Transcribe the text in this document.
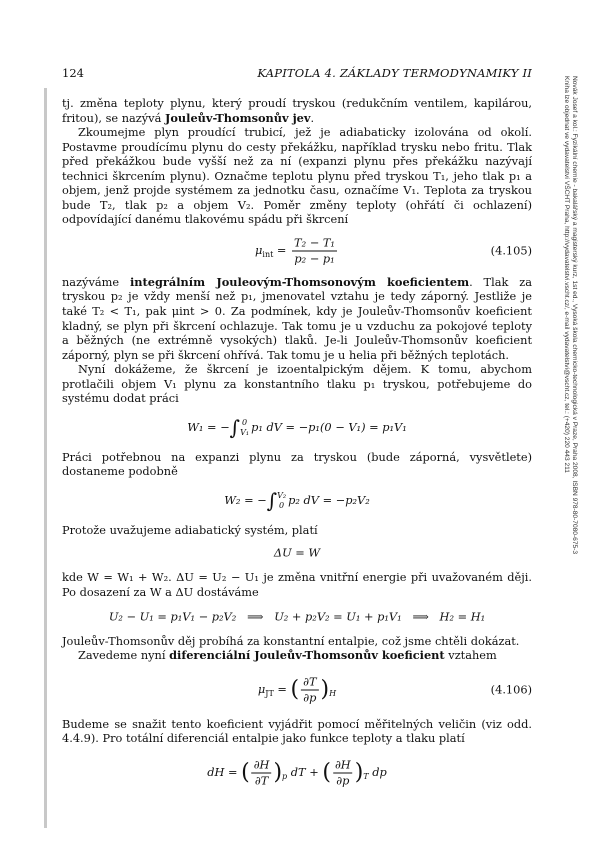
124	KAPITOLA 4. ZÁKLADY TERMODYNAMIKY II
Novák Josef a kol.: Fyzikální chemie - bakalářský a magisterský kurz, 1st ed., Vysoká škola chemicko-technologická v Praze, Praha 2008, ISBN 978-80-7080-675-3
Kniha lze objednat ve vydavatelství VŠCHT Praha, http://vydavatelstvi.vscht.cz/, e-mail vydavatelstvi@vscht.cz, tel.: (+420) 220 443 211

tj. změna teploty plynu, který proudí tryskou (redukčním ventilem, kapilárou, fritou), se nazývá Jouleův-Thomsonův jev.

Zkoumejme plyn proudící trubicí, jež je adiabaticky izolována od okolí. Postavme proudícímu plynu do cesty překážku, například trysku nebo fritu. Tlak před překážkou bude vyšší než za ní (expanzi plynu přes překážku nazývají technici škrcením plynu). Označme teplotu plynu před tryskou T₁, jeho tlak p₁ a objem, jenž projde systémem za jednotku času, označíme V₁. Teplota za tryskou bude T₂, tlak p₂ a objem V₂. Poměr změny teploty (ohřátí či ochlazení) odpovídající danému tlakovému spádu při škrcení

$\mu_{int} = \frac{\text{T₂ − T₁}}{\text{p₂ − p₁}}$	(4.105)

nazýváme integrálním Jouleovým-Thomsonovým koeficientem. Tlak za tryskou p₂ je vždy menší než p₁, jmenovatel vztahu je tedy záporný. Jestliže je také T₂ < T₁, pak μint > 0. Za podmínek, kdy je Jouleův-Thomsonův koeficient kladný, se plyn při škrcení ochlazuje. Tak tomu je u vzduchu za pokojové teploty a běžných (ne extrémně vysokých) tlaků. Je-li Jouleův-Thomsonův koeficient záporný, plyn se při škrcení ohřívá. Tak tomu je u helia při běžných teplotách.

Nyní dokážeme, že škrcení je izoentalpickým dějem. K tomu, abychom protlačili objem V₁ plynu za konstantního tlaku p₁ tryskou, potřebujeme do systému dodat práci

W₁ = −∫ 0
V₁ p₁ dV = −p₁(0 − V₁) = p₁V₁

Práci potřebnou na expanzi plynu za tryskou (bude záporná, vysvětlete) dostaneme podobně

W₂ = −∫ V₂
0 p₂ dV = −p₂V₂

Protože uvažujeme adiabatický systém, platí

ΔU = W

kde W = W₁ + W₂. ΔU = U₂ − U₁ je změna vnitřní energie při uvažovaném ději. Po dosazení za W a ΔU dostáváme

U₂ − U₁ = p₁V₁ − p₂V₂   ⟹   U₂ + p₂V₂ = U₁ + p₁V₁   ⟹   H₂ = H₁

Jouleův-Thomsonův děj probíhá za konstantní entalpie, což jsme chtěli dokázat.

Zavedeme nyní diferenciální Jouleův-Thomsonův koeficient vztahem

$\mu_{JT}$ = ( $\frac{\partial T}{\partial p} )_H$	(4.106)

Budeme se snažit tento koeficient vyjádřit pomocí měřitelných veličin (viz odd. 4.4.9). Pro totální diferenciál entalpie jako funkce teploty a tlaku platí

dH = ( $\frac{\partial H}{\partial T} )_p$ dT + ( $\frac{\partial H}{\partial p} )_T$ dp
